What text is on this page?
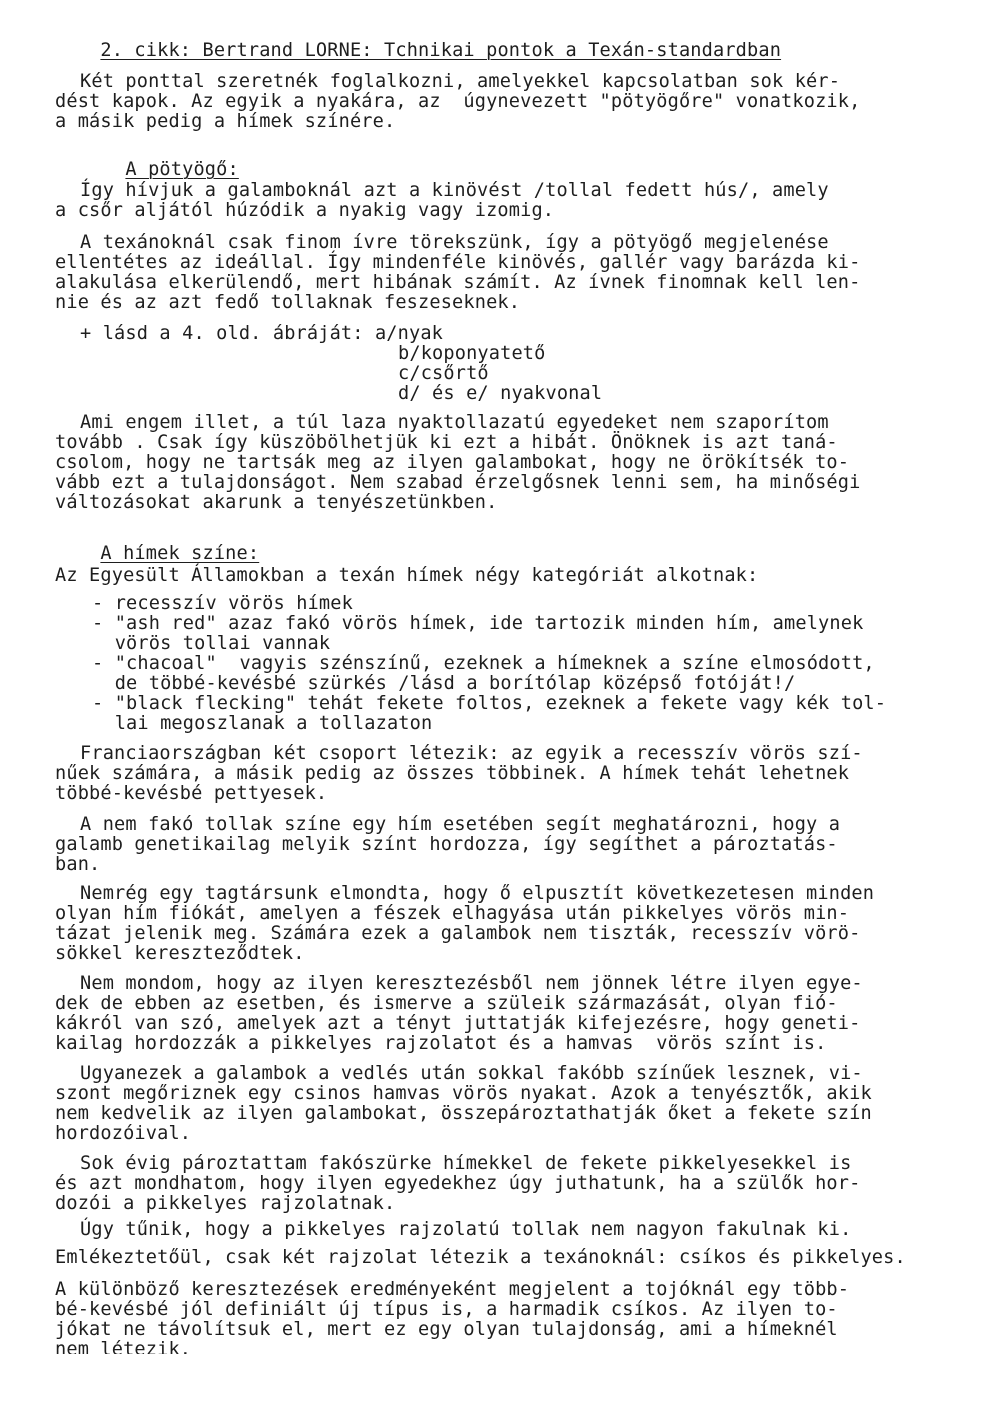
2. cikk: Bertrand LORNE: Tchnikai pontok a Texán-standardban

Két ponttal szeretnék foglalkozni, amelyekkel kapcsolatban sok kér-
dést kapok. Az egyik a nyakára, az  úgynevezett "pötyögőre" vonatkozik,
a másik pedig a hímek színére.

A pötyögő:

Így hívjuk a galamboknál azt a kinövést /tollal fedett hús/, amely
a csőr aljától húzódik a nyakig vagy izomig.
A texánoknál csak finom ívre törekszünk, így a pötyögő megjelenése
ellentétes az ideállal. Így mindenféle kinövés, gallér vagy barázda ki-
alakulása elkerülendő, mert hibának számít. Az ívnek finomnak kell len-
nie és az azt fedő tollaknak feszeseknek.
+ lásd a 4. old. ábráját: a/nyak
b/koponyatető
c/csőrtő
d/ és e/ nyakvonal
Ami engem illet, a túl laza nyaktollazatú egyedeket nem szaporítom
tovább . Csak így küszöbölhetjük ki ezt a hibát. Önöknek is azt taná-
csolom, hogy ne tartsák meg az ilyen galambokat, hogy ne örökítsék to-
vább ezt a tulajdonságot. Nem szabad érzelgősnek lenni sem, ha minőségi
változásokat akarunk a tenyészetünkben.

A hímek színe:

Az Egyesült Államokban a texán hímek négy kategóriát alkotnak:
- recesszív vörös hímek
- "ash red" azaz fakó vörös hímek, ide tartozik minden hím, amelynek
vörös tollai vannak
- "chacoal"  vagyis szénszínű, ezeknek a hímeknek a színe elmosódott,
de többé-kevésbé szürkés /lásd a borítólap középső fotóját!/
- "black flecking" tehát fekete foltos, ezeknek a fekete vagy kék tol-
lai megoszlanak a tollazaton
Franciaországban két csoport létezik: az egyik a recesszív vörös szí-
nűek számára, a másik pedig az összes többinek. A hímek tehát lehetnek
többé-kevésbé pettyesek.
A nem fakó tollak színe egy hím esetében segít meghatározni, hogy a
galamb genetikailag melyik színt hordozza, így segíthet a pároztatás-
ban.
Nemrég egy tagtársunk elmondta, hogy ő elpusztít következetesen minden
olyan hím fiókát, amelyen a fészek elhagyása után pikkelyes vörös min-
tázat jelenik meg. Számára ezek a galambok nem tiszták, recesszív vörö-
sökkel kereszteződtek.
Nem mondom, hogy az ilyen keresztezésből nem jönnek létre ilyen egye-
dek de ebben az esetben, és ismerve a szüleik származását, olyan fió-
kákról van szó, amelyek azt a tényt juttatják kifejezésre, hogy geneti-
kailag hordozzák a pikkelyes rajzolatot és a hamvas  vörös színt is.
Ugyanezek a galambok a vedlés után sokkal fakóbb színűek lesznek, vi-
szont megőriznek egy csinos hamvas vörös nyakat. Azok a tenyésztők, akik
nem kedvelik az ilyen galambokat, összepároztathatják őket a fekete szín
hordozóival.
Sok évig pároztattam fakószürke hímekkel de fekete pikkelyesekkel is
és azt mondhatom, hogy ilyen egyedekhez úgy juthatunk, ha a szülők hor-
dozói a pikkelyes rajzolatnak.
Úgy tűnik, hogy a pikkelyes rajzolatú tollak nem nagyon fakulnak ki.
Emlékeztetőül, csak két rajzolat létezik a texánoknál: csíkos és pikkelyes.
A különböző keresztezések eredményeként megjelent a tojóknál egy több-
bé-kevésbé jól definiált új típus is, a harmadik csíkos. Az ilyen to-
jókat ne távolítsuk el, mert ez egy olyan tulajdonság, ami a hímeknél
nem létezik.
